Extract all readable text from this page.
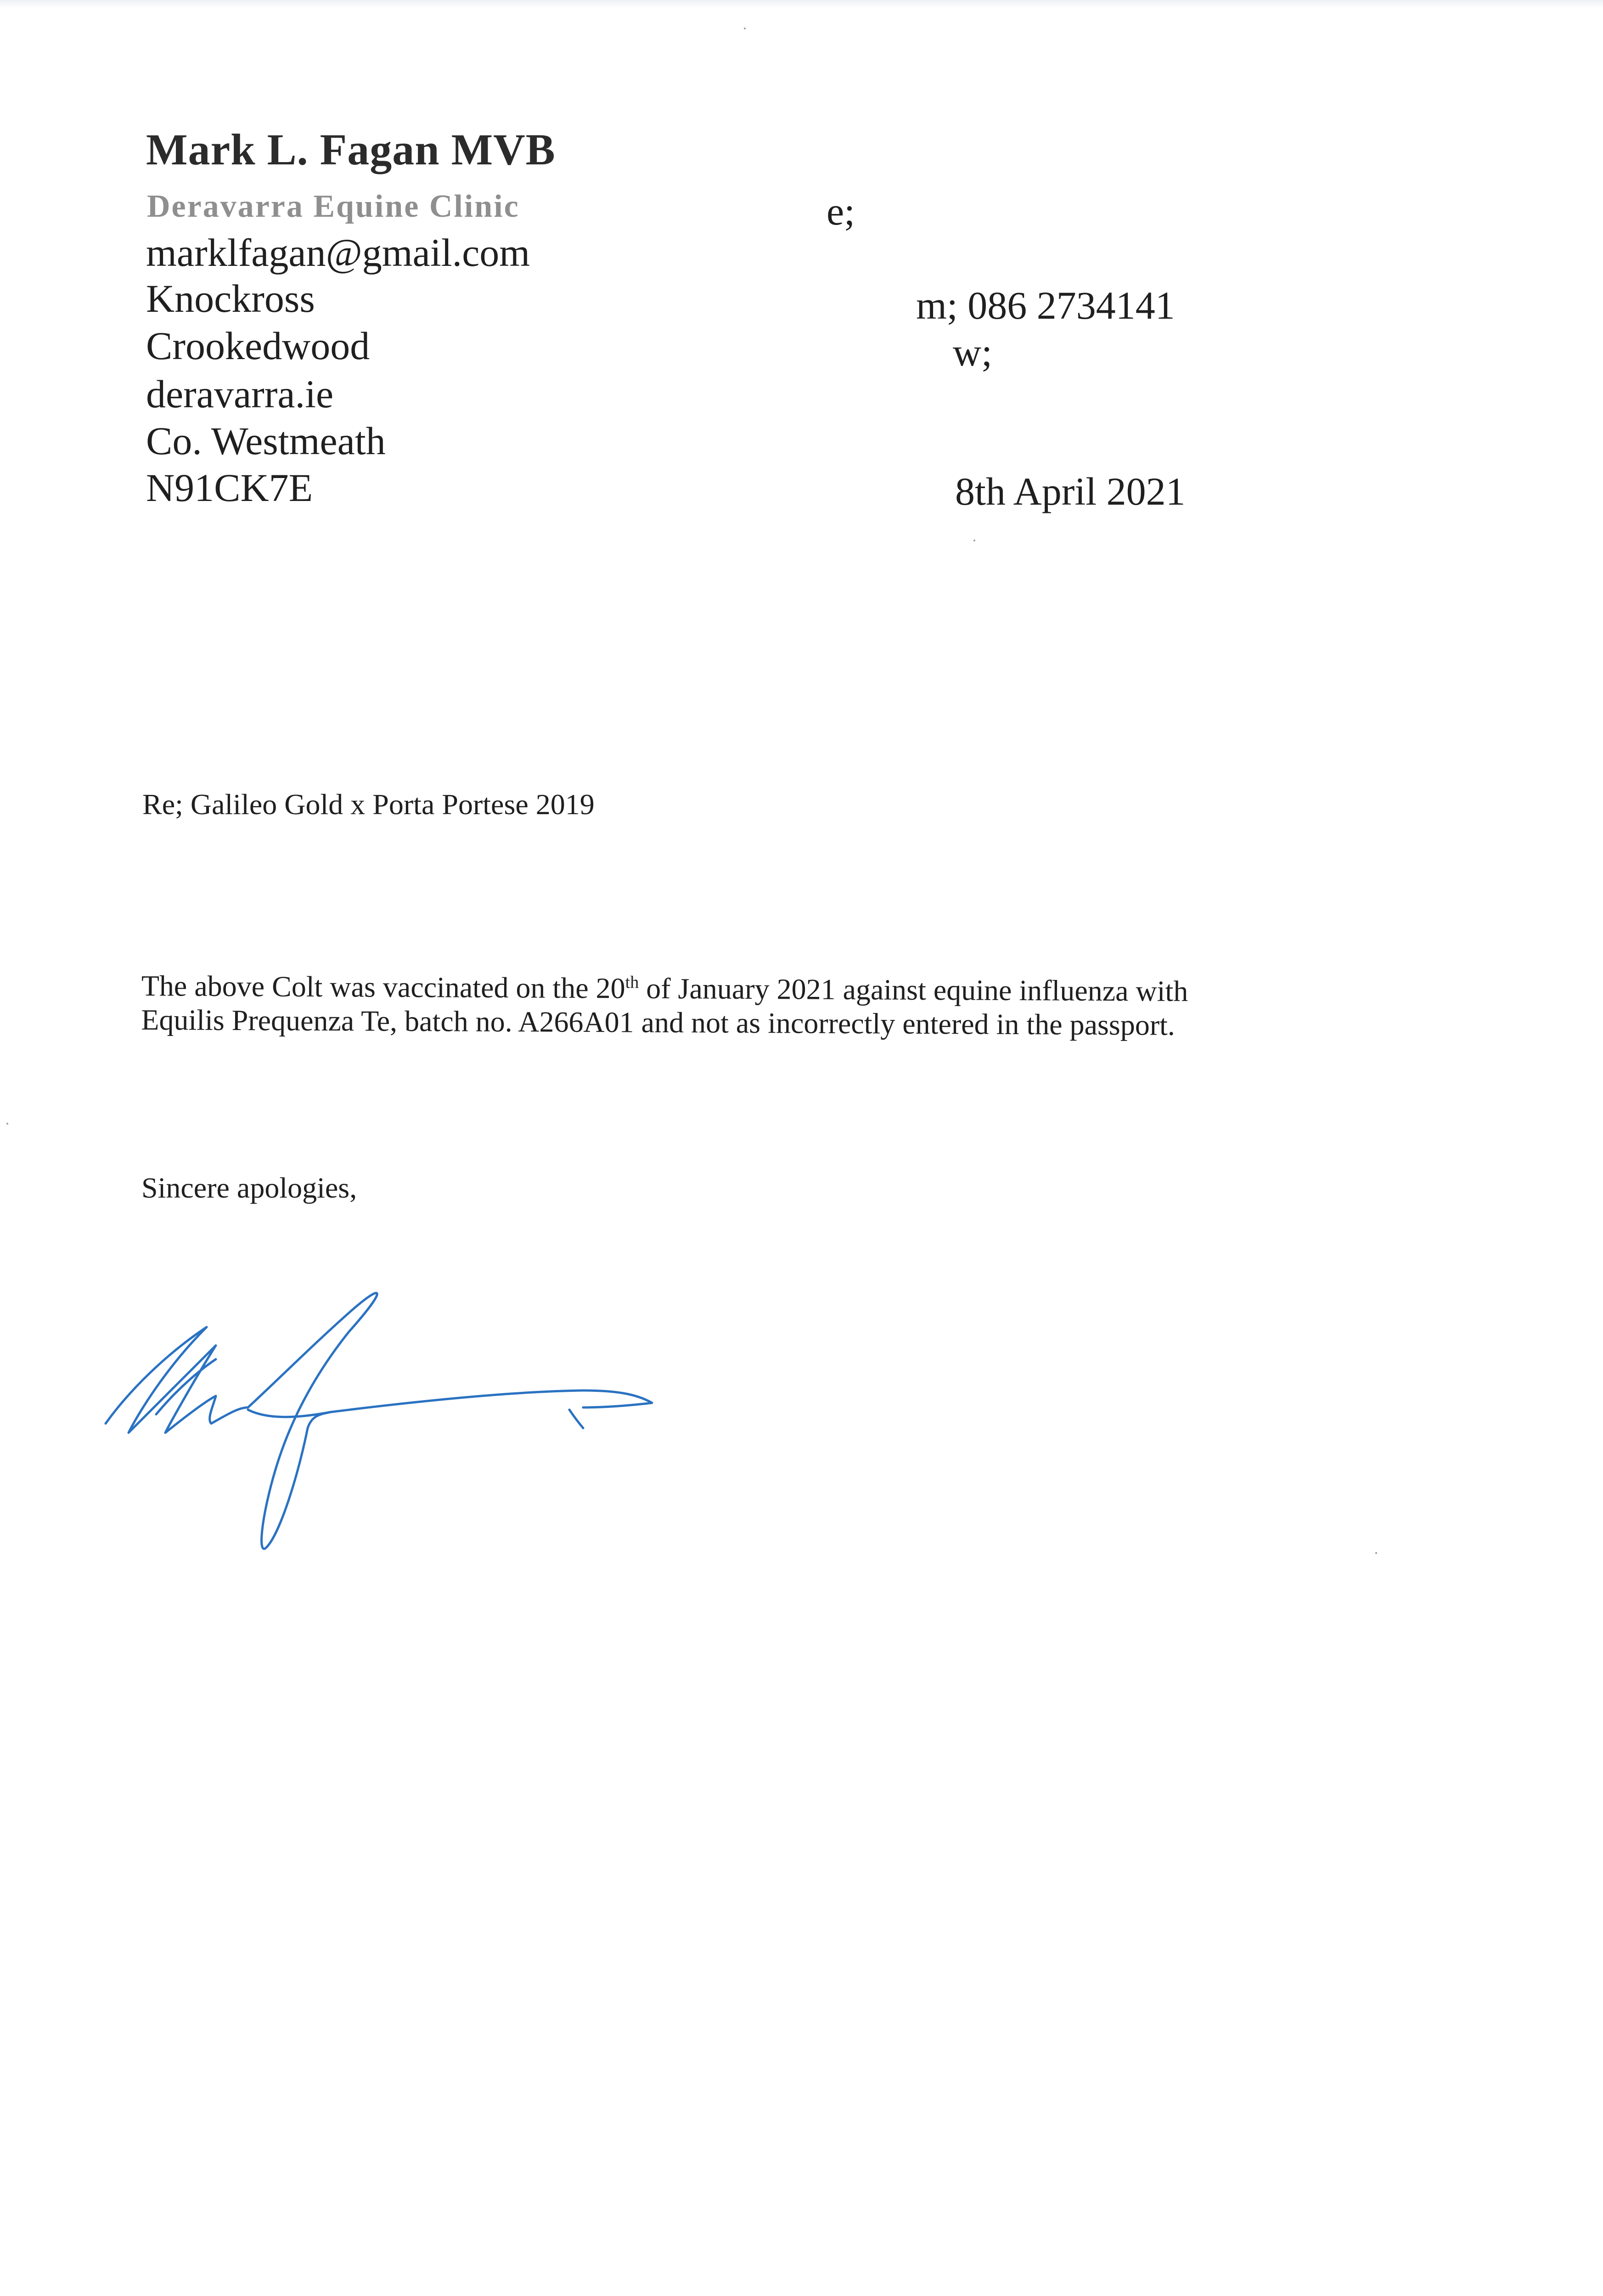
Mark L. Fagan MVB
Deravarra Equine Clinic
marklfagan@gmail.com
Knockross
Crookedwood
deravarra.ie
Co. Westmeath
N91CK7E
e;
m; 086 2734141
w;
8th April 2021
Re; Galileo Gold x Porta Portese 2019
The above Colt was vaccinated on the 20th of January 2021 against equine influenza with Equilis Prequenza Te, batch no. A266A01 and not as incorrectly entered in the passport.
Sincere apologies,
